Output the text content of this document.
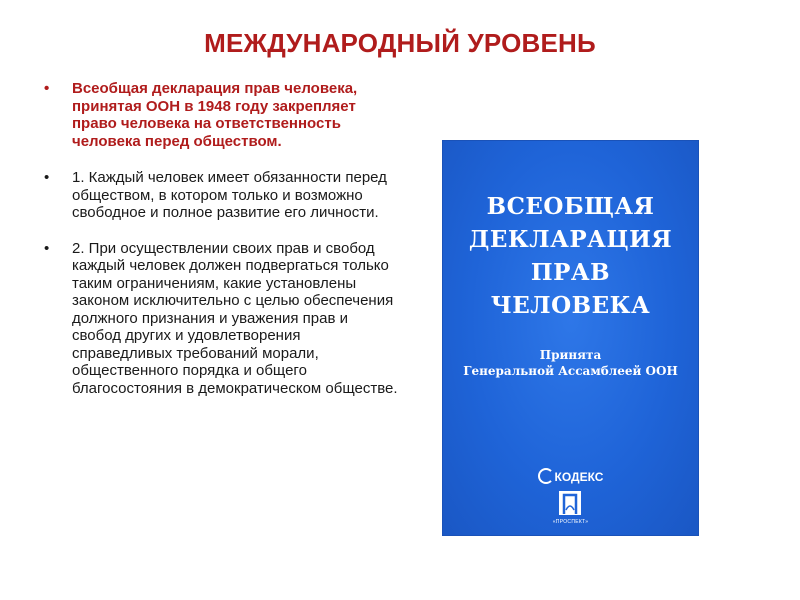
МЕЖДУНАРОДНЫЙ УРОВЕНЬ
• Всеобщая декларация прав человека, принятая ООН в 1948 году закрепляет право человека на ответственность человека перед обществом.
• 1. Каждый человек имеет обязанности перед обществом, в котором только и возможно свободное и полное развитие его личности.
• 2. При осуществлении своих прав и свобод каждый человек должен подвергаться только таким ограничениям, какие установлены законом исключительно с целью обеспечения должного признания и уважения прав и свобод других и удовлетворения справедливых требований морали, общественного порядка и общего благосостояния в демократическом обществе.
ВСЕОБЩАЯ
ДЕКЛАРАЦИЯ
ПРАВ
ЧЕЛОВЕКА
Принята
Генеральной Ассамблеей ООН
КОДЕКС
«ПРОСПЕКТ»
